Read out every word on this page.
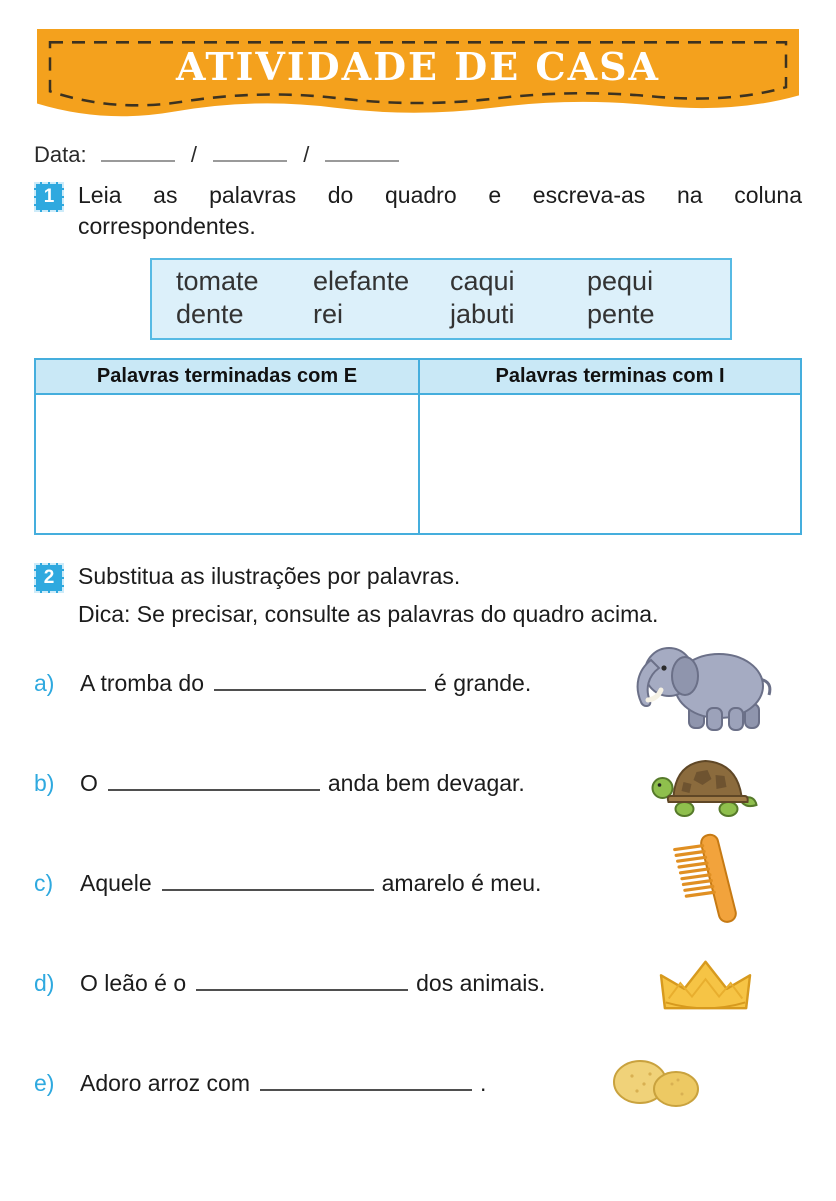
ATIVIDADE DE CASA
Data:	/	/
1 Leia as palavras do quadro e escreva-as na coluna
correspondentes.

tomate	elefante	caqui	pequi
dente	rei	jabuti	pente
Palavras terminadas com E	Palavras terminas com I
2 Substitua as ilustrações por palavras.

Dica: Se precisar, consulte as palavras do quadro acima.

a)	A tromba do	é grande.
b)	O	anda bem devagar.
c)	Aquele	amarelo é meu.
d)	O leão é o	dos animais.
e)	Adoro arroz com	.
